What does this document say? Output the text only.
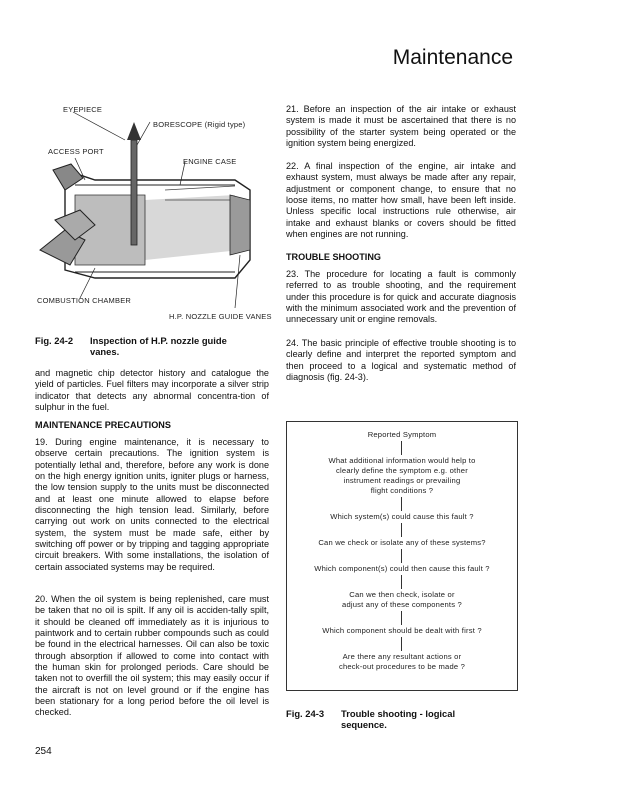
Maintenance
EYEPIECE
BORESCOPE (Rigid type)
ACCESS PORT
ENGINE CASE
COMBUSTION CHAMBER
H.P. NOZZLE GUIDE VANES
Fig. 24-2	Inspection of H.P. nozzle guide
vanes.

and magnetic chip detector history and catalogue the yield of particles. Fuel filters may incorporate a silver strip indicator that detects any abnormal concentra-tion of sulphur in the fuel.

MAINTENANCE PRECAUTIONS

19. During engine maintenance, it is necessary to observe certain precautions. The ignition system is potentially lethal and, therefore, before any work is done on the high energy ignition units, igniter plugs or harness, the low tension supply to the units must be disconnected and at least one minute allowed to elapse before disconnecting the high tension lead. Similarly, before carrying out work on units connected to the electrical system, the system must be made safe, either by switching off power or by tripping and tagging appropriate circuit breakers. With some installations, the isolation of certain associated systems may be required.

20. When the oil system is being replenished, care must be taken that no oil is spilt. If any oil is acciden-tally spilt, it should be cleaned off immediately as it is injurious to paintwork and to certain rubber compounds such as could be found in the electrical harnesses. Oil can also be toxic through absorption if allowed to come into contact with the human skin for prolonged periods. Care should be taken not to overfill the oil system; this may easily occur if the aircraft is not on level ground or if the engine has been stationary for a long period before the oil level is checked.

21. Before an inspection of the air intake or exhaust system is made it must be ascertained that there is no possibility of the starter system being operated or the ignition system being energized.

22. A final inspection of the engine, air intake and exhaust system, must always be made after any repair, adjustment or component change, to ensure that no loose items, no matter how small, have been left inside. Unless specific local instructions rule otherwise, air intake and exhaust blanks or covers should be fitted when engines are not running.

TROUBLE SHOOTING

23. The procedure for locating a fault is commonly referred to as trouble shooting, and the requirement under this procedure is for quick and accurate diagnosis with the minimum associated work and the prevention of unnecessary unit or engine removals.

24. The basic principle of effective trouble shooting is to clearly define and interpret the reported symptom and then proceed to a logical and systematic method of diagnosis (fig. 24-3).

Reported Symptom
What additional information would help to
clearly define the symptom e.g. other
instrument readings or prevailing
flight conditions ?
Which system(s) could cause this fault ?
Can we check or isolate any of these systems?
Which component(s) could then cause this fault ?
Can we then check, isolate or
adjust any of these components ?
Which component should be dealt with first ?
Are there any resultant actions or
check-out procedures to be made ?
Fig. 24-3	Trouble shooting - logical
sequence.
254
